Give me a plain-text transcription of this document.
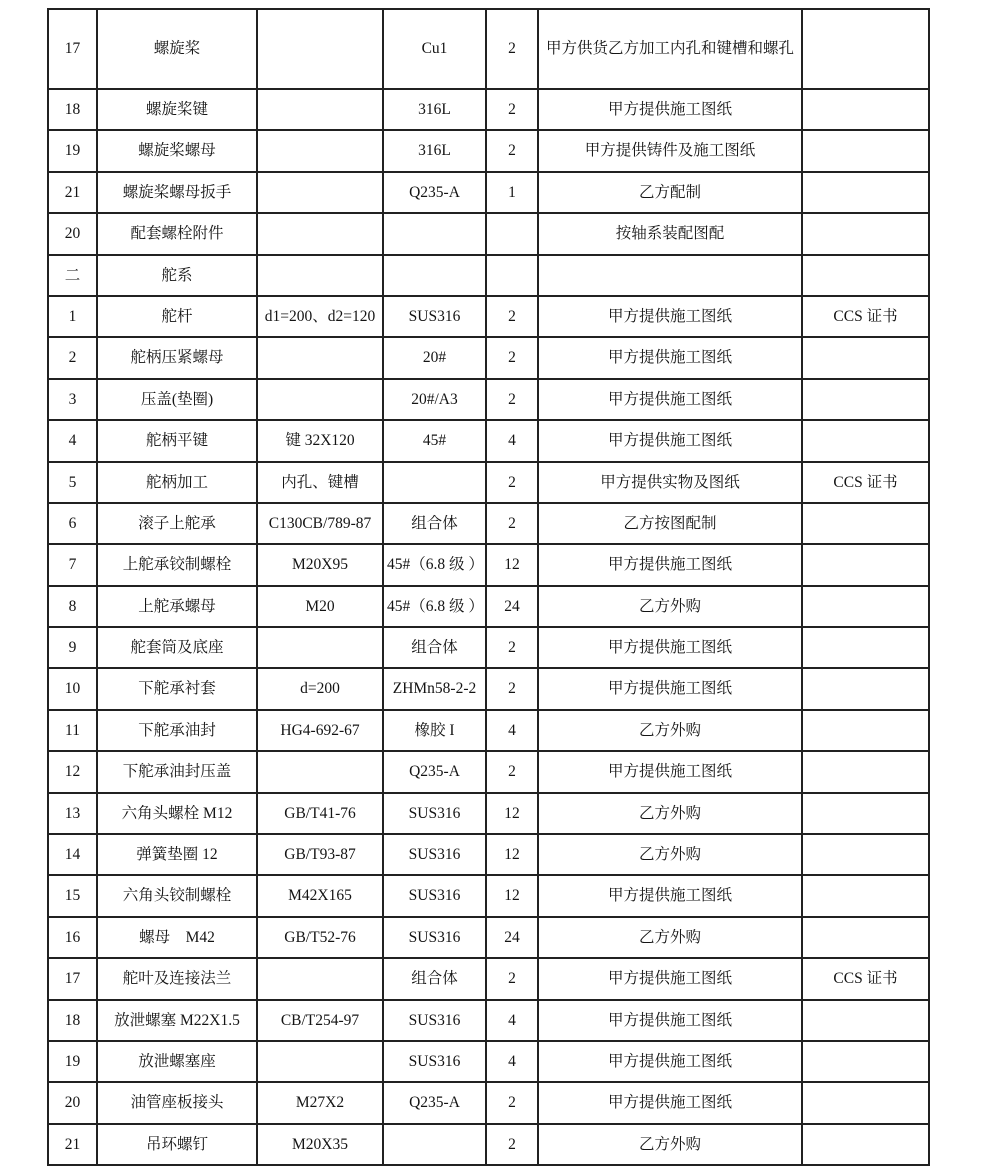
17	螺旋桨		Cu1	2	甲方供货乙方加工内孔和键槽和螺孔	
18	螺旋桨键		316L	2	甲方提供施工图纸	
19	螺旋桨螺母		316L	2	甲方提供铸件及施工图纸	
21	螺旋桨螺母扳手		Q235-A	1	乙方配制	
20	配套螺栓附件				按轴系装配图配	
二	舵系					
1	舵杆	d1=200、d2=120	SUS316	2	甲方提供施工图纸	CCS 证书
2	舵柄压紧螺母		20#	2	甲方提供施工图纸	
3	压盖(垫圈)		20#/A3	2	甲方提供施工图纸	
4	舵柄平键	键 32X120	45#	4	甲方提供施工图纸	
5	舵柄加工	内孔、键槽		2	甲方提供实物及图纸	CCS 证书
6	滚子上舵承	C130CB/789-87	组合体	2	乙方按图配制	
7	上舵承铰制螺栓	M20X95	45#（6.8 级 ）	12	甲方提供施工图纸	
8	上舵承螺母	M20	45#（6.8 级 ）	24	乙方外购	
9	舵套筒及底座		组合体	2	甲方提供施工图纸	
10	下舵承衬套	d=200	ZHMn58-2-2	2	甲方提供施工图纸	
11	下舵承油封	HG4-692-67	橡胶 I	4	乙方外购	
12	下舵承油封压盖		Q235-A	2	甲方提供施工图纸	
13	六角头螺栓 M12	GB/T41-76	SUS316	12	乙方外购	
14	弹簧垫圈 12	GB/T93-87	SUS316	12	乙方外购	
15	六角头铰制螺栓	M42X165	SUS316	12	甲方提供施工图纸	
16	螺母　M42	GB/T52-76	SUS316	24	乙方外购	
17	舵叶及连接法兰		组合体	2	甲方提供施工图纸	CCS 证书
18	放泄螺塞 M22X1.5	CB/T254-97	SUS316	4	甲方提供施工图纸	
19	放泄螺塞座		SUS316	4	甲方提供施工图纸	
20	油管座板接头	M27X2	Q235-A	2	甲方提供施工图纸	
21	吊环螺钉	M20X35		2	乙方外购	
